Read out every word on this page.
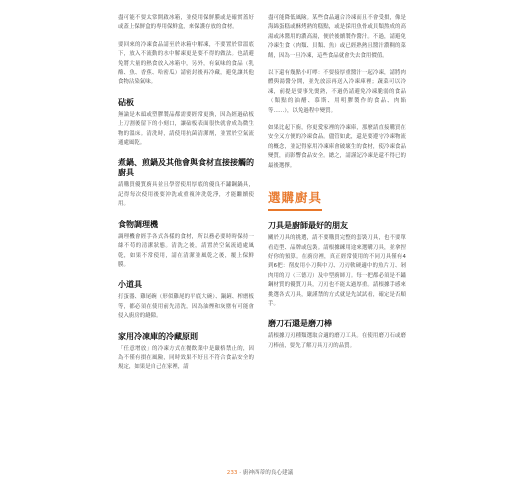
盡可能不要太常開啟冰箱，並使用保鮮膜或是確實蓋好或蓋上保鮮盒的專用保鮮盒，來保護存放的食材。

要回來的冷凍食品請至於冰箱中解凍，不要置於常溫底下，放入不流動的水中解凍更是要不得的做法。也請避免將大量的熱食放入冰箱中，另外，有氣味的食品（乳酪、魚、香蕉、哈密瓜）請密封後再冷藏，避免讓其他食物沾染氣味。

砧板

無論是木頭或塑膠製品都需要經常更換，因為經過砧板上刀割後留下的小刻口，讓砧板表面很快就會成為微生物的溫床。清洗時，請使用抗菌清潔劑，並置於空氣流通處風乾。

煮鍋、煎鍋及其他會與食材直接接觸的廚具

請購買優質廚具並且學習使用厚底的優良不鏽鋼鍋具，記得每次使用後要沖洗或重複沖洗乾淨，才能繼續使用。

食物調理機

調理機會經手各式各樣的食材，所以務必要時時保持一絲不苟的清潔狀態。清洗之後，請置於空氣流通處風乾，如果不常使用，請在清潔並風乾之後，覆上保鮮膜。

小道具

打蛋器、雞尾碗（形似雞尾的平底大碗）、鍋鏟、榨磨板等，都必須在使用前先清洗，因為油煙和灰塵有可能會侵入廚房的縫隙。

家用冷凍庫的冷藏原則

「任意增放」的冷凍方式在餐飲業中是嚴格禁止的，因為不僅有損在風險，同時效果不好且不符合食品安全的規定，如果是自己在家裡，請

盡可能降低風險。某些食品適合冷凍而且不會受損，像是海綿蛋糕或酥烤熟的糕點，或是採用魚骨或貝類熬成的高湯或沐醬用的濃高湯，便於後續製作醬汁。不過，請避免冷凍生食（肉類、貝類、魚）或已經熟熱且醬汁濃稠的菜餚，因為一旦冷凍，這些食品就會失去食用價值。

以下還有幾點小叮嚀：不要接厚重醬汁一起冷凍，請將肉體與湯醬分開，並先放涼再送入冷凍庫裡；蔬菜可以冷凍，前提是要事先燙熟，不過仍請避免冷凍脆弱的食品（類點的油醋、慕斯、用明膠製作的食品、肉餡等……），以免過程中變質。

如果比起下廚，你更愛家裡的冷凍庫，那麼請直接購買在安全又方便的冷凍食品。儘管如此，還是要遵守冷凍物流的概念，並記得家用冷凍庫會破壞生的食材，使冷凍食品變質，而影響食品安全。總之，請謹記冷凍是還不得已的最後選擇。

選購廚具
刀具是廚師最好的朋友

關於刀具的挑選，請不要購買完整的套裝刀具，也不要單看造型、品牌或包裝。請根據練用途來選購刀具，並拿捏好你的預算。在廚房裡，真正經常使用的不同刀具僅有4到6把：削皮用小刀與中刀、刀刃軟硬適中的魚片刀、剁肉用的刀（三德刀）及中型廚師刀。每一把都必須是不鏽鋼材質的優質刀具，刀刃也不能太過厚重。請根據手感來挑選各式刀具，嚴謹禁的方式就是先試試看，確定是否順手。

磨刀石還是磨刀棒

請根據刀刃種類選取合適的磨刀工具。在使用磨刀石或磨刀棒前，要先了解刀具刀刃的品質。

233 · 廚神西蒂的良心建議
